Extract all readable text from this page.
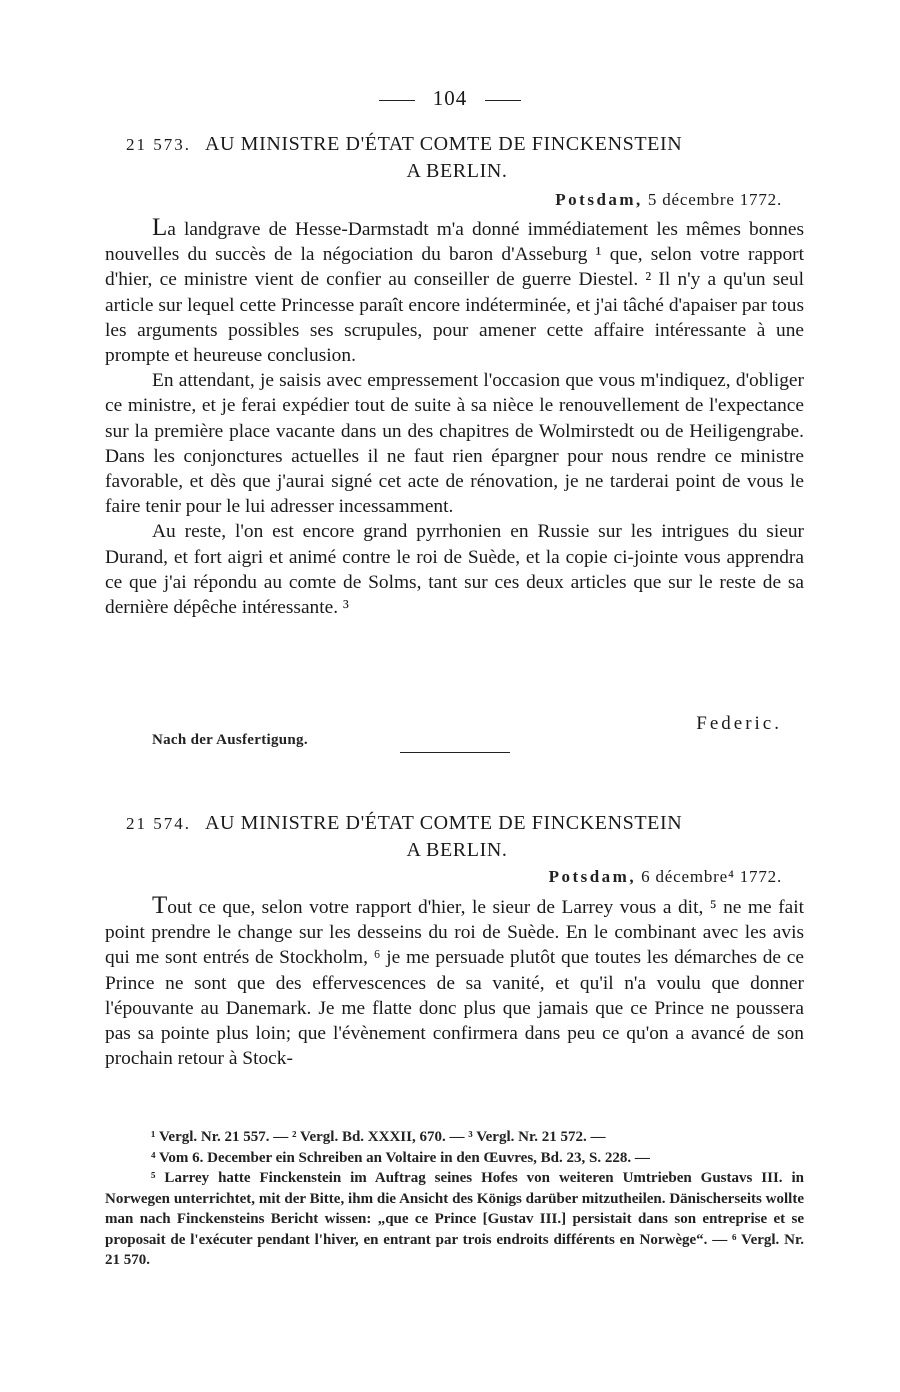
104
21 573. AU MINISTRE D'ÉTAT COMTE DE FINCKENSTEIN
A BERLIN.
Potsdam, 5 décembre 1772.

La landgrave de Hesse-Darmstadt m'a donné immédiatement les mêmes bonnes nouvelles du succès de la négociation du baron d'Asseburg ¹ que, selon votre rapport d'hier, ce ministre vient de confier au conseiller de guerre Diestel. ² Il n'y a qu'un seul article sur lequel cette Princesse paraît encore indéterminée, et j'ai tâché d'apaiser par tous les arguments possibles ses scrupules, pour amener cette affaire intéressante à une prompte et heureuse conclusion.

En attendant, je saisis avec empressement l'occasion que vous m'indiquez, d'obliger ce ministre, et je ferai expédier tout de suite à sa nièce le renouvellement de l'expectance sur la première place vacante dans un des chapitres de Wolmirstedt ou de Heiligengrabe. Dans les conjonctures actuelles il ne faut rien épargner pour nous rendre ce ministre favorable, et dès que j'aurai signé cet acte de rénovation, je ne tarderai point de vous le faire tenir pour le lui adresser incessamment.

Au reste, l'on est encore grand pyrrhonien en Russie sur les intrigues du sieur Durand, et fort aigri et animé contre le roi de Suède, et la copie ci-jointe vous apprendra ce que j'ai répondu au comte de Solms, tant sur ces deux articles que sur le reste de sa dernière dépêche intéressante. ³

Federic.
Nach der Ausfertigung.
21 574. AU MINISTRE D'ÉTAT COMTE DE FINCKENSTEIN
A BERLIN.
Potsdam, 6 décembre⁴ 1772.

Tout ce que, selon votre rapport d'hier, le sieur de Larrey vous a dit, ⁵ ne me fait point prendre le change sur les desseins du roi de Suède. En le combinant avec les avis qui me sont entrés de Stockholm, ⁶ je me persuade plutôt que toutes les démarches de ce Prince ne sont que des effervescences de sa vanité, et qu'il n'a voulu que donner l'épouvante au Danemark. Je me flatte donc plus que jamais que ce Prince ne poussera pas sa pointe plus loin; que l'évènement confirmera dans peu ce qu'on a avancé de son prochain retour à Stock-

¹ Vergl. Nr. 21 557. — ² Vergl. Bd. XXXII, 670. — ³ Vergl. Nr. 21 572. —
⁴ Vom 6. December ein Schreiben an Voltaire in den Œuvres, Bd. 23, S. 228. —
⁵ Larrey hatte Finckenstein im Auftrag seines Hofes von weiteren Umtrieben Gustavs III. in Norwegen unterrichtet, mit der Bitte, ihm die Ansicht des Königs darüber mitzutheilen. Dänischerseits wollte man nach Finckensteins Bericht wissen: „que ce Prince [Gustav III.] persistait dans son entreprise et se proposait de l'exécuter pendant l'hiver, en entrant par trois endroits différents en Norwège“. — ⁶ Vergl. Nr. 21 570.
